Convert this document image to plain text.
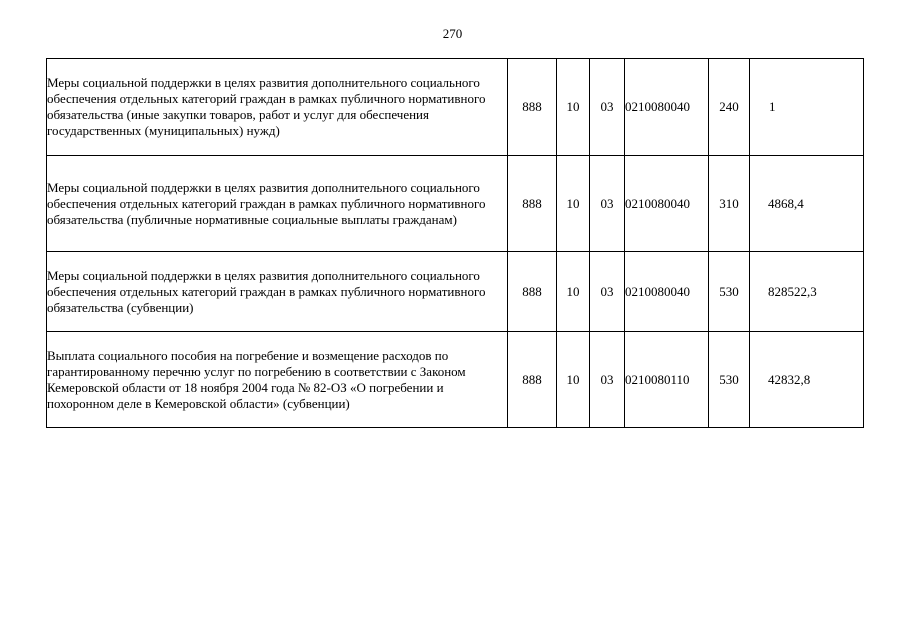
270
Меры социальной поддержки в целях развития дополнительного социального обеспечения отдельных категорий граждан в рамках публичного нормативного обязательства (иные закупки товаров, работ и услуг для обеспечения государственных (муниципальных) нужд)	888	10	03	0210080040	240	1
Меры социальной поддержки в целях развития дополнительного социального обеспечения отдельных категорий граждан в рамках публичного нормативного обязательства (публичные нормативные социальные выплаты гражданам)	888	10	03	0210080040	310	4868,4
Меры социальной поддержки в целях развития дополнительного социального обеспечения отдельных категорий граждан в рамках публичного нормативного обязательства (субвенции)	888	10	03	0210080040	530	828522,3
Выплата социального пособия на погребение и возмещение расходов по гарантированному перечню услуг по погребению в соответствии с Законом Кемеровской области от 18 ноября 2004 года № 82-ОЗ «О погребении и похоронном деле в Кемеровской области» (субвенции)	888	10	03	0210080110	530	42832,8
